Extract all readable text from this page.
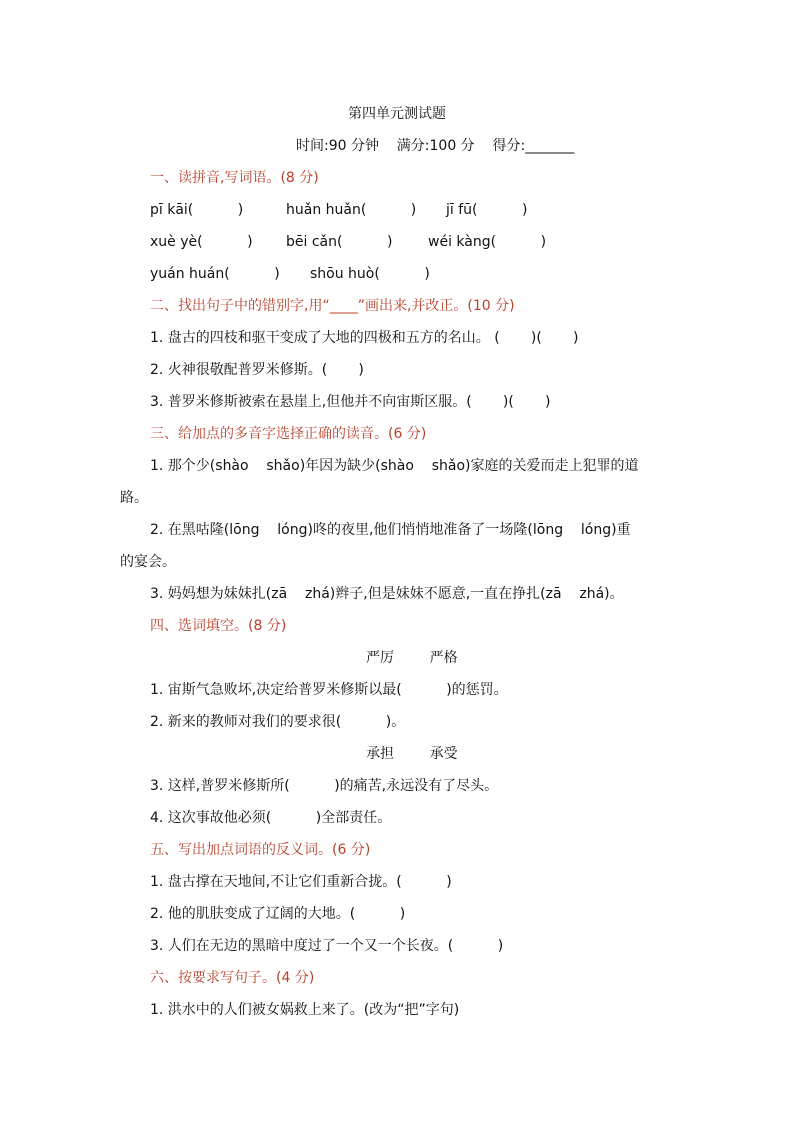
第四单元测试题
时间:90 分钟    满分:100 分    得分:_______
一、读拼音,写词语。(8 分)
pī kāi(          )	huǎn huǎn(          ) jī fū(          )
xuè yè(          ) bēi cǎn(          )	wéi kàng(          )
yuán huán(          ) shōu huò(          )
二、找出句子中的错别字,用“____”画出来,并改正。(10 分)
1. 盘古的四枝和驱干变成了大地的四极和五方的名山。 (       )(       )
2. 火神很敬配普罗米修斯。(       )
3. 普罗米修斯被索在悬崖上,但他并不向宙斯区服。(       )(       )
三、给加点的多音字选择正确的读音。(6 分)
1. 那个少(shào    shǎo)年因为缺少(shào    shǎo)家庭的关爱而走上犯罪的道
路。
2. 在黑咕隆(lōng    lóng)咚的夜里,他们悄悄地准备了一场隆(lōng    lóng)重
的宴会。
3. 妈妈想为妹妹扎(zā    zhá)辫子,但是妹妹不愿意,一直在挣扎(zā    zhá)。
四、选词填空。(8 分)
严厉        严格
1. 宙斯气急败坏,决定给普罗米修斯以最(          )的惩罚。
2. 新来的教师对我们的要求很(          )。
承担        承受
3. 这样,普罗米修斯所(          )的痛苦,永远没有了尽头。
4. 这次事故他必须(          )全部责任。
五、写出加点词语的反义词。(6 分)
1. 盘古撑在天地间,不让它们重新合拢。(          )
2. 他的肌肤变成了辽阔的大地。(          )
3. 人们在无边的黑暗中度过了一个又一个长夜。(          )
六、按要求写句子。(4 分)
1. 洪水中的人们被女娲救上来了。(改为“把”字句)
